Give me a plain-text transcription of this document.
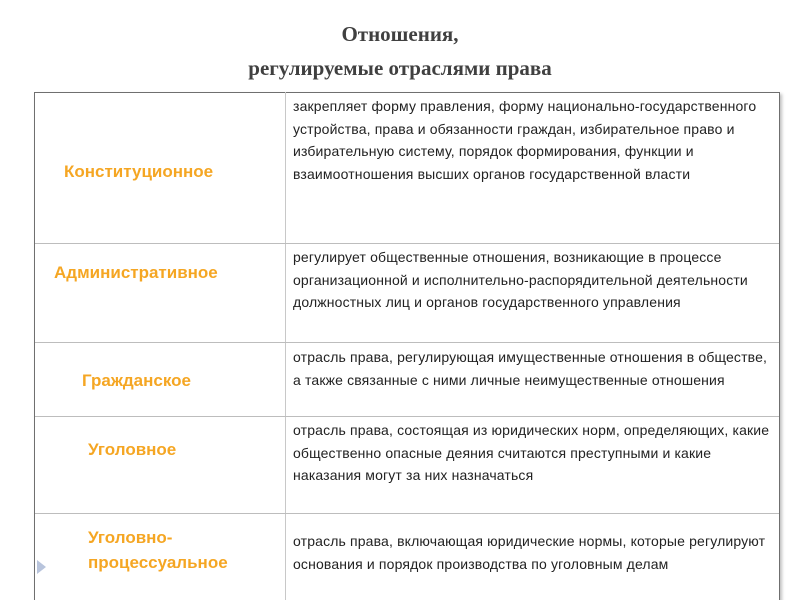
Отношения,
регулируемые отраслями права
Конституционное
закрепляет форму правления, форму национально-государственного устройства, права и обязанности граждан, избирательное право и избирательную систему, порядок формирования, функции и взаимоотношения высших органов государственной власти
Административное
регулирует общественные отношения, возникающие в процессе организационной и исполнительно-распорядительной деятельности должностных лиц и органов государственного управления
Гражданское
отрасль права, регулирующая имущественные отношения в обществе, а также связанные с ними личные неимущественные отношения
Уголовное
отрасль права, состоящая из юридических норм, определяющих, какие общественно опасные деяния считаются преступными и какие наказания могут за них назначаться
Уголовно-
процессуальное
отрасль права, включающая юридические нормы, которые регулируют основания и порядок производства по уголовным делам
